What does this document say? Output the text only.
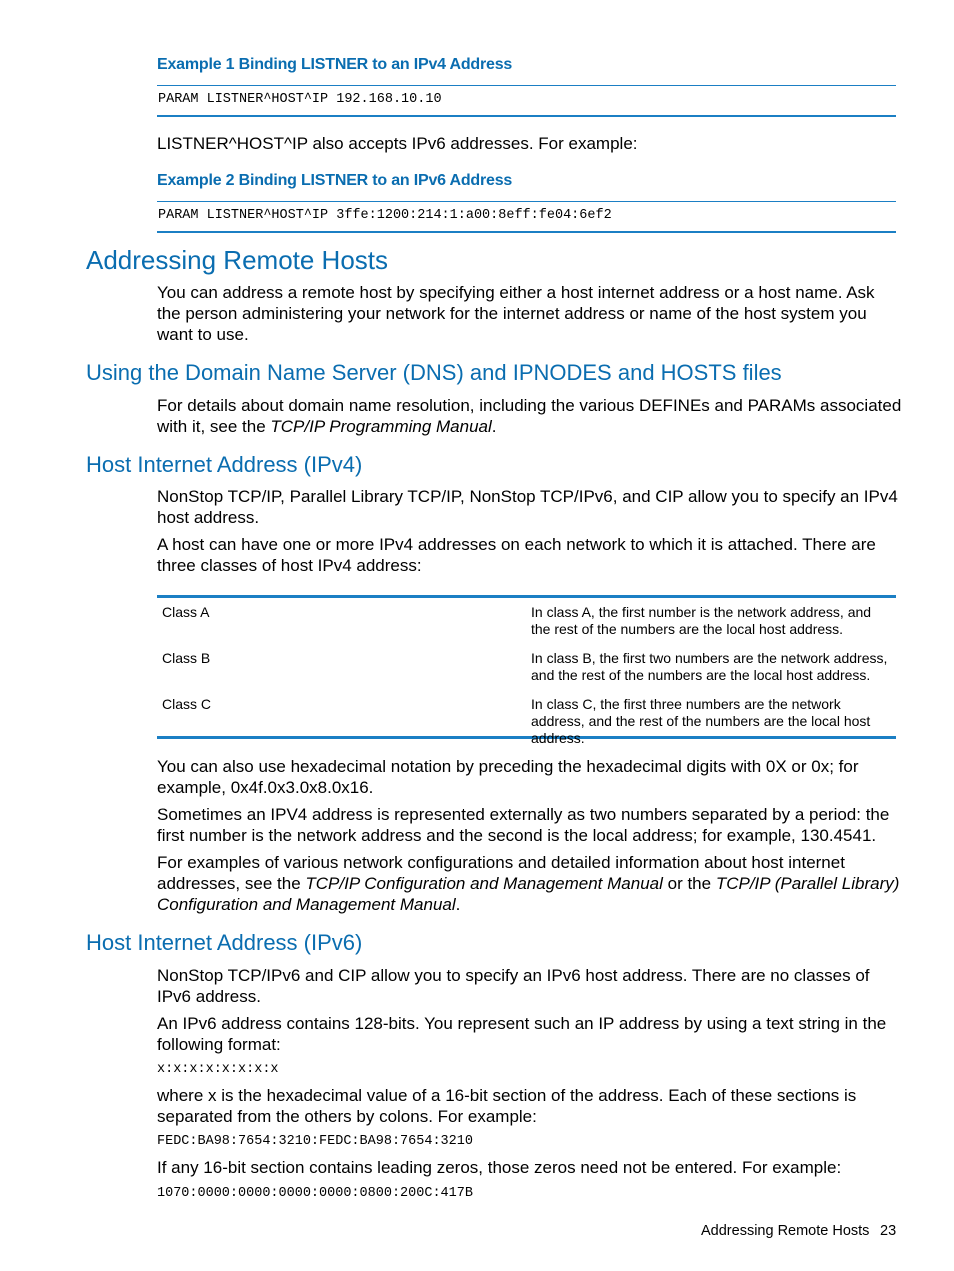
Example 1 Binding LISTNER to an IPv4 Address
PARAM LISTNER^HOST^IP 192.168.10.10

LISTNER^HOST^IP also accepts IPv6 addresses. For example:

Example 2 Binding LISTNER to an IPv6 Address
PARAM LISTNER^HOST^IP 3ffe:1200:214:1:a00:8eff:fe04:6ef2
Addressing Remote Hosts

You can address a remote host by specifying either a host internet address or a host name. Ask the person administering your network for the internet address or name of the host system you want to use.

Using the Domain Name Server (DNS) and IPNODES and HOSTS files

For details about domain name resolution, including the various DEFINEs and PARAMs associated with it, see the TCP/IP Programming Manual.

Host Internet Address (IPv4)

NonStop TCP/IP, Parallel Library TCP/IP, NonStop TCP/IPv6, and CIP allow you to specify an IPv4 host address.

A host can have one or more IPv4 addresses on each network to which it is attached. There are three classes of host IPv4 address:

Class A	In class A, the first number is the network address, and the rest of the numbers are the local host address.
Class B	In class B, the first two numbers are the network address, and the rest of the numbers are the local host address.
Class C	In class C, the first three numbers are the network address, and the rest of the numbers are the local host address.

You can also use hexadecimal notation by preceding the hexadecimal digits with 0X or 0x; for example, 0x4f.0x3.0x8.0x16.

Sometimes an IPV4 address is represented externally as two numbers separated by a period: the first number is the network address and the second is the local address; for example, 130.4541.

For examples of various network configurations and detailed information about host internet addresses, see the TCP/IP Configuration and Management Manual or the TCP/IP (Parallel Library) Configuration and Management Manual.

Host Internet Address (IPv6)

NonStop TCP/IPv6 and CIP allow you to specify an IPv6 host address. There are no classes of IPv6 address.

An IPv6 address contains 128-bits. You represent such an IP address by using a text string in the following format:

x:x:x:x:x:x:x:x

where x is the hexadecimal value of a 16-bit section of the address. Each of these sections is separated from the others by colons. For example:

FEDC:BA98:7654:3210:FEDC:BA98:7654:3210

If any 16-bit section contains leading zeros, those zeros need not be entered. For example:

1070:0000:0000:0000:0000:0800:200C:417B
Addressing Remote Hosts 23
